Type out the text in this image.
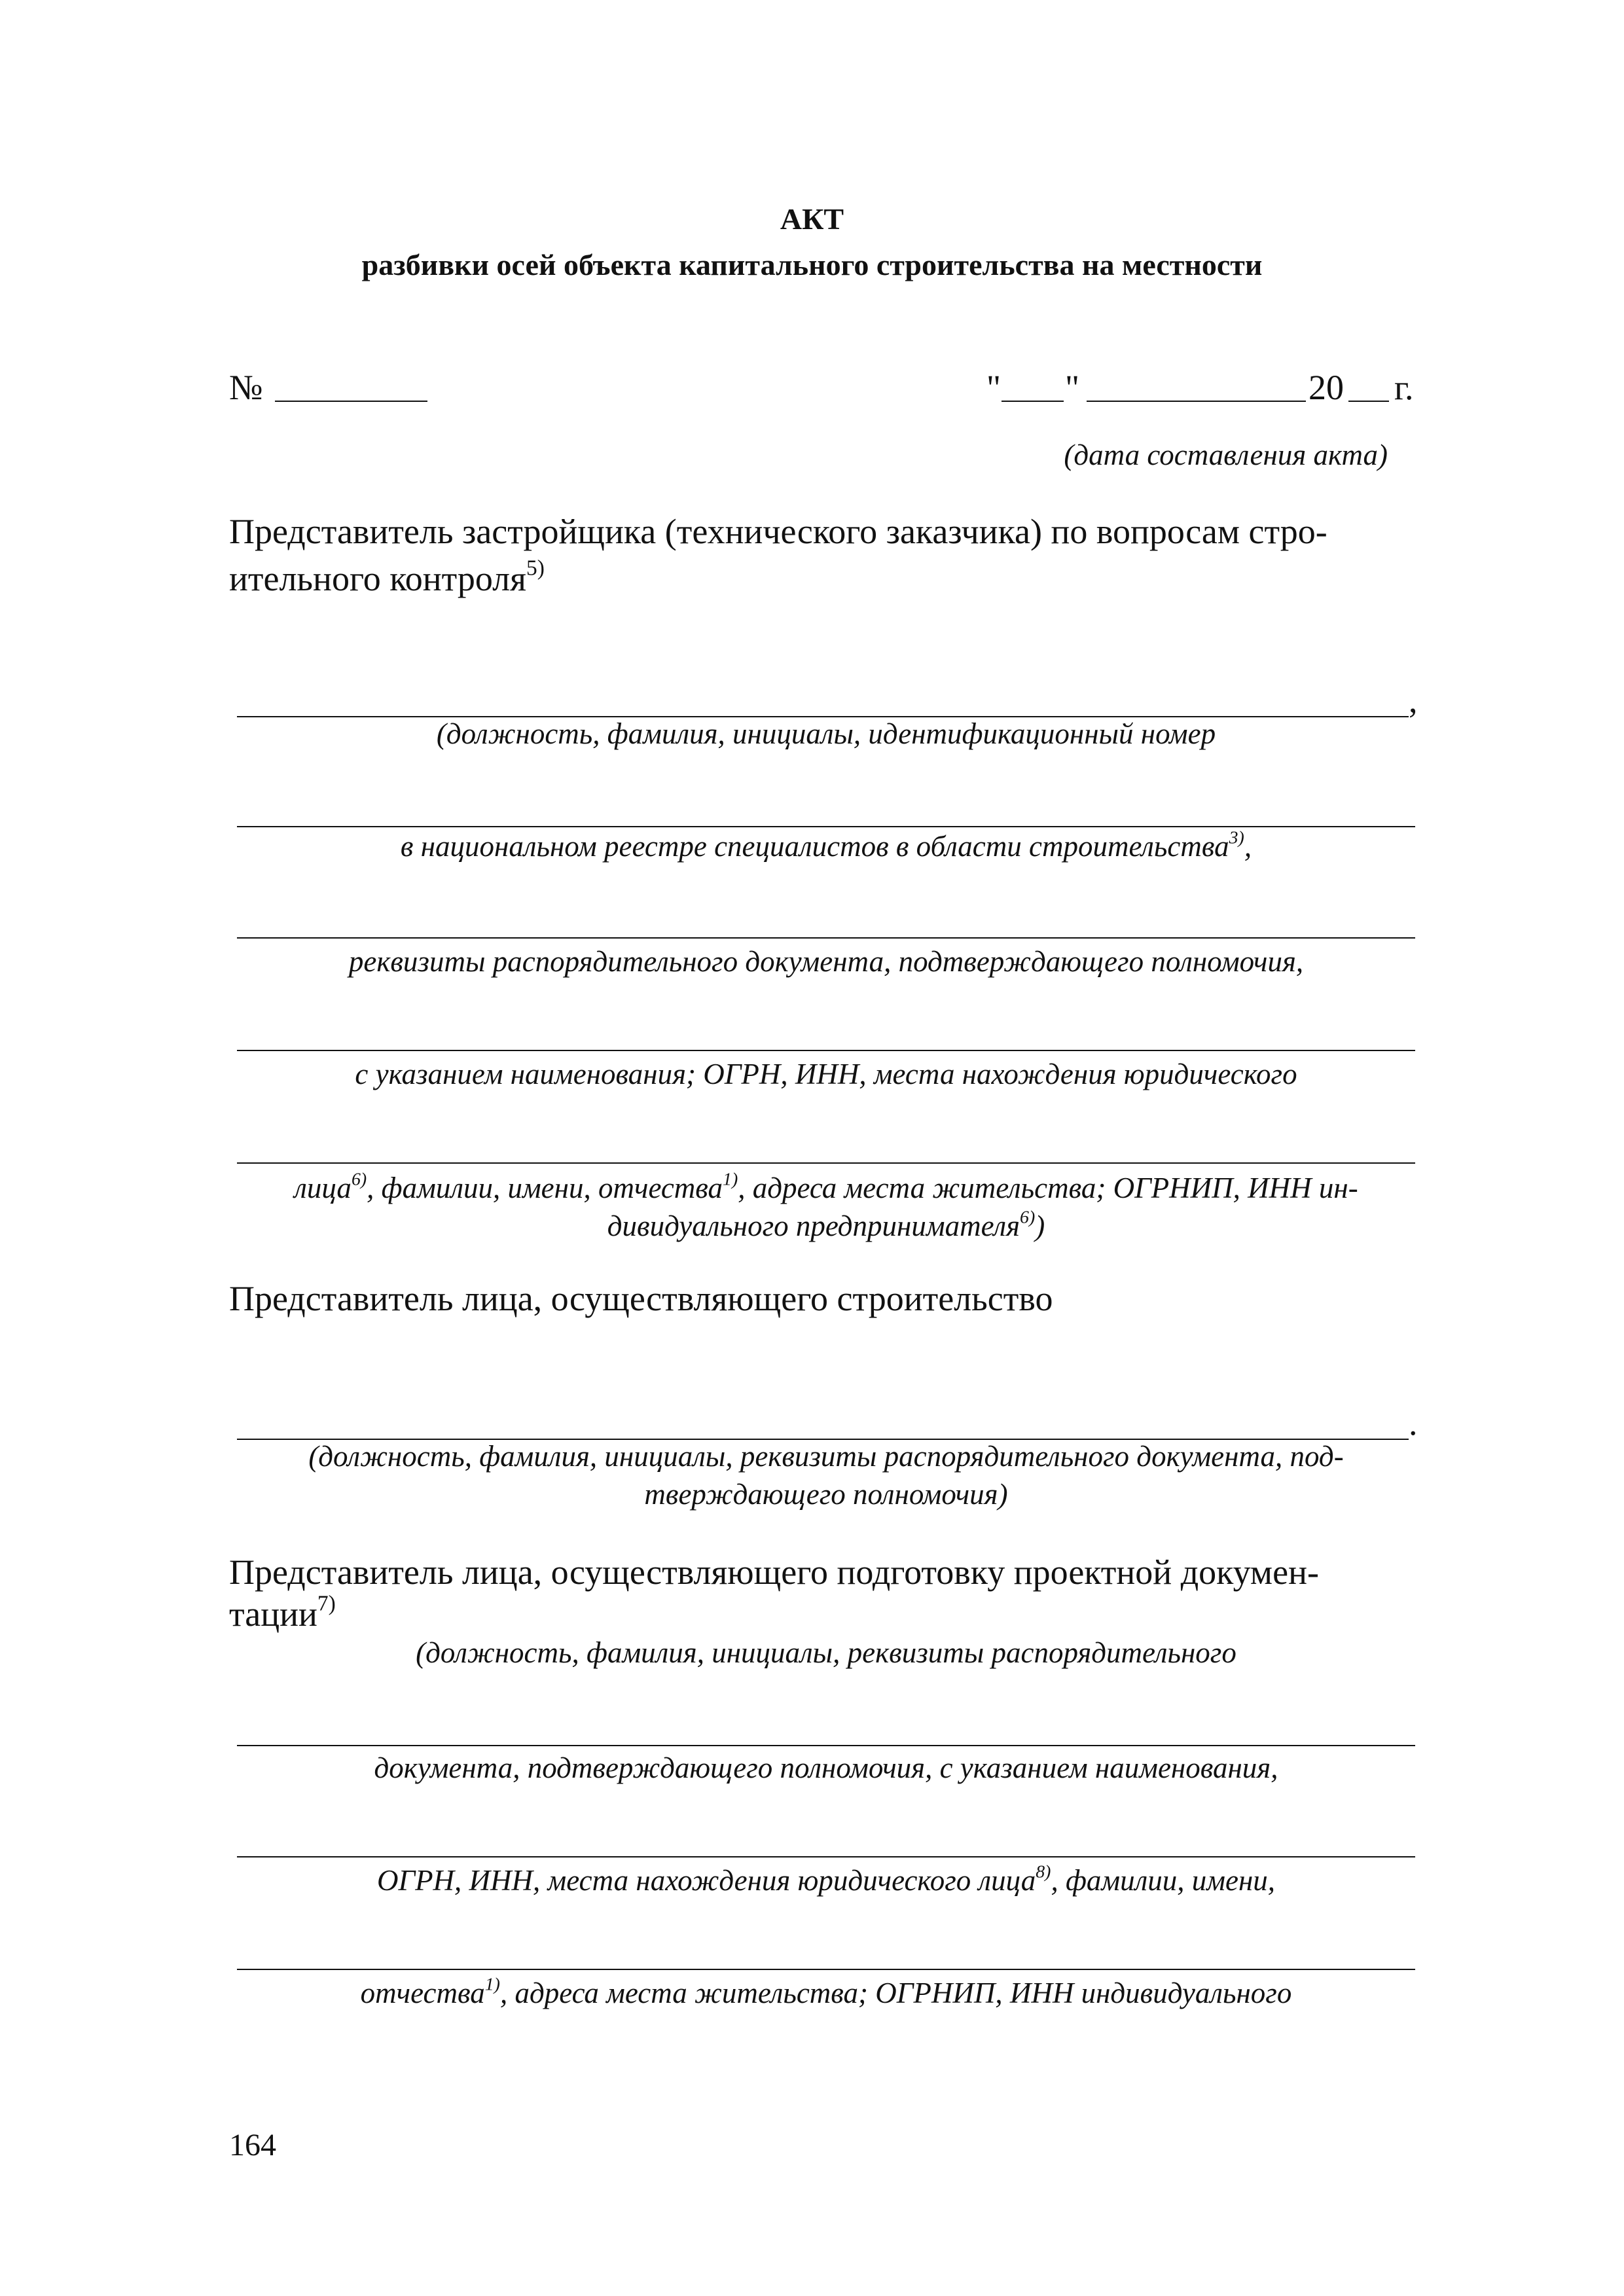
АКТ
разбивки осей объекта капитального строительства на местности
№	" "	20 г.
(дата составления акта)
Представитель застройщика (технического заказчика) по вопросам стро-
ительного контроля$^{5)}$
,
(должность, фамилия, инициалы, идентификационный номер
в национальном реестре специалистов в области строительства$^{3)}$,
реквизиты распорядительного документа, подтверждающего полномочия,
с указанием наименования; ОГРН, ИНН, места нахождения юридического
лица$^{6)}$, фамилии, имени, отчества$^{1)}$, адреса места жительства; ОГРНИП, ИНН ин-
дивидуального предпринимателя$^{6)}$)
Представитель лица, осуществляющего строительство
.
(должность, фамилия, инициалы, реквизиты распорядительного документа, под-
тверждающего полномочия)
Представитель лица, осуществляющего подготовку проектной докумен-
тации$^{7)}$
(должность, фамилия, инициалы, реквизиты распорядительного
документа, подтверждающего полномочия, с указанием наименования,
ОГРН, ИНН, места нахождения юридического лица$^{8)}$, фамилии, имени,
отчества$^{1)}$, адреса места жительства; ОГРНИП, ИНН индивидуального
164
